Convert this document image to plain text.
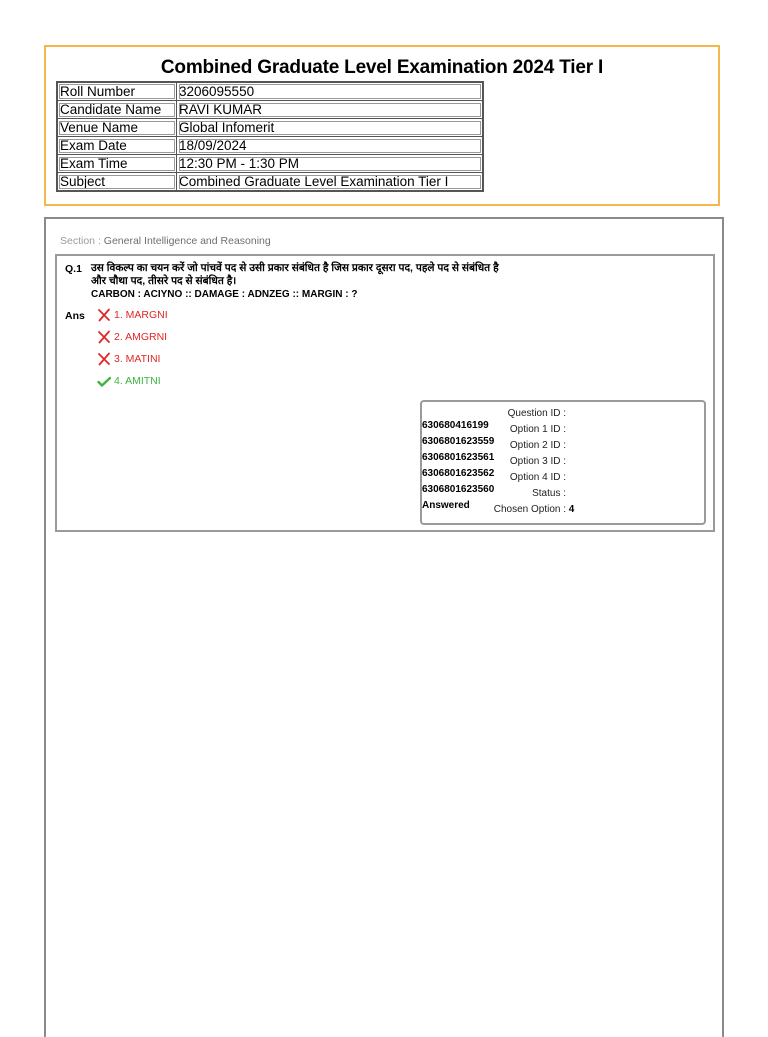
Combined Graduate Level Examination 2024 Tier I
Roll Number	3206095550
Candidate Name	RAVI KUMAR
Venue Name	Global Infomerit
Exam Date	18/09/2024
Exam Time	12:30 PM - 1:30 PM
Subject	Combined Graduate Level Examination Tier I
Section : General Intelligence and Reasoning
Q.1 उस विकल्प का चयन करें जो पांचवें पद से उसी प्रकार संबंधित है जिस प्रकार दूसरा पद, पहले पद से संबंधित है
और चौथा पद, तीसरे पद से संबंधित है।
CARBON : ACIYNO :: DAMAGE : ADNZEG :: MARGIN : ?
Ans	1. MARGNI
2. AMGRNI
3. MATINI
4. AMITNI
Question ID : 630680416199	Option 1 ID : 6306801623559	Option 2 ID : 6306801623561	Option 3 ID : 6306801623562	Option 4 ID : 6306801623560	Status : Answered	Chosen Option : 4
